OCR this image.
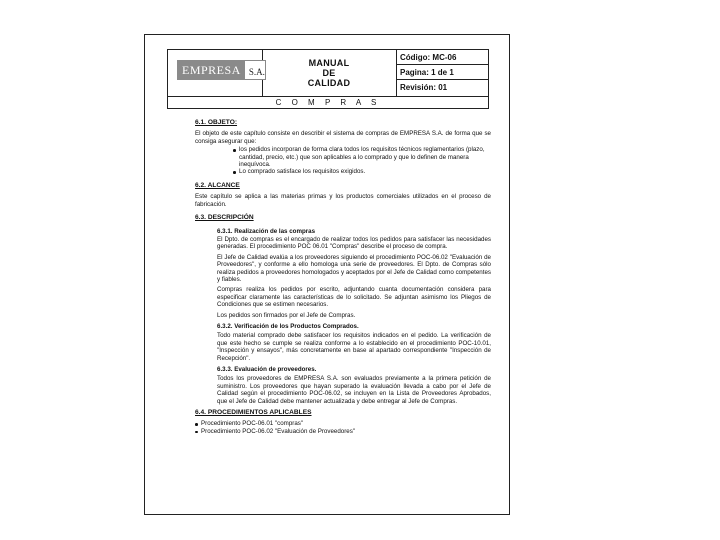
EMPRESA S.A.
MANUAL
DE
CALIDAD
Código: MC-06
Pagina: 1 de 1
Revisión: 01
C O M P R A S

6.1. OBJETO:

El objeto de este capítulo consiste en describir el sistema de compras de EMPRESA S.A. de forma que se consiga asegurar que:

los pedidos incorporan de forma clara todos los requisitos técnicos reglamentarios (plazo, cantidad, precio, etc.) que son aplicables a lo comprado y que lo definen de manera inequívoca.
Lo comprado satisface los requisitos exigidos.

6.2. ALCANCE

Este capítulo se aplica a las materias primas y los productos comerciales utilizados en el proceso de fabricación.

6.3. DESCRIPCIÓN

6.3.1. Realización de las compras

El Dpto. de compras es el encargado de realizar todos los pedidos para satisfacer las necesidades generadas. El procedimiento POC 06.01 "Compras" describe el proceso de compra.

El Jefe de Calidad evalúa a los proveedores siguiendo el procedimiento POC-06.02 "Evaluación de Proveedores", y conforme a ello homologa una serie de proveedores. El Dpto. de Compras sólo realiza pedidos a proveedores homologados y aceptados por el Jefe de Calidad como competentes y fiables.

Compras realiza los pedidos por escrito, adjuntando cuanta documentación considera para especificar claramente las características de lo solicitado. Se adjuntan asimismo los Pliegos de Condiciones que se estimen necesarios.

Los pedidos son firmados por el Jefe de Compras.

6.3.2. Verificación de los Productos Comprados.

Todo material comprado debe satisfacer los requisitos indicados en el pedido. La verificación de que este hecho se cumple se realiza conforme a lo establecido en el procedimiento POC-10.01, "Inspección y ensayos", más concretamente en base al apartado correspondiente "Inspección de Recepción".

6.3.3. Evaluación de proveedores.

Todos los proveedores de EMPRESA S.A. son evaluados previamente a la primera petición de suministro. Los proveedores que hayan superado la evaluación llevada a cabo por el Jefe de Calidad según el procedimiento POC-06.02, se incluyen en la Lista de Proveedores Aprobados, que el Jefe de Calidad debe mantener actualizada y debe entregar al Jefe de Compras.

6.4. PROCEDIMIENTOS APLICABLES

Procedimiento POC-06.01 "compras"
Procedimiento POC-06.02 "Evaluación de Proveedores"
